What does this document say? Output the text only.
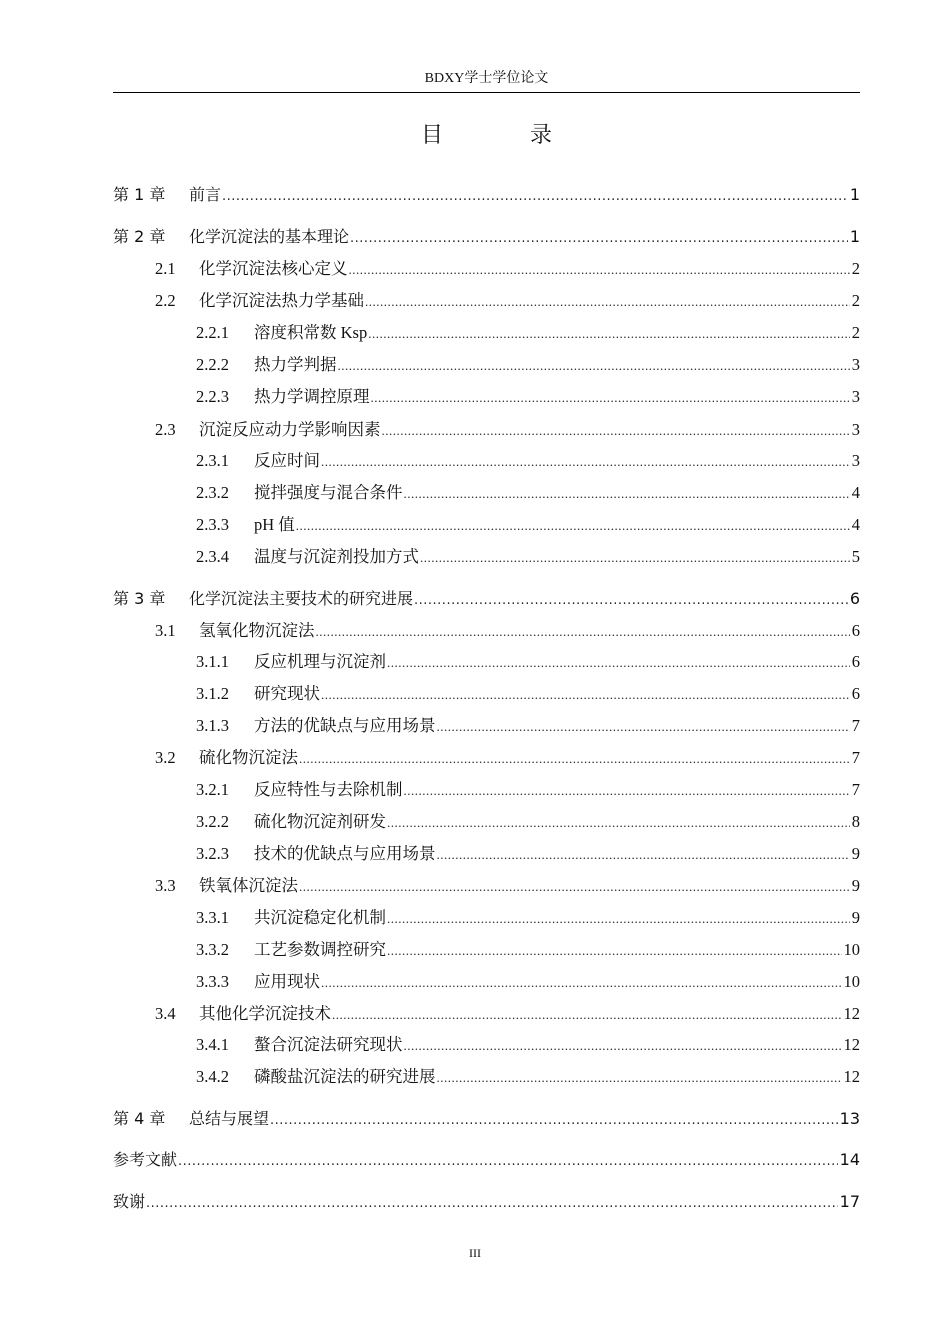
BDXY学士学位论文
目 录
第 1 章	前言 .....	1
第 2 章	化学沉淀法的基本理论 .....	1
2.1	化学沉淀法核心定义 .....	2
2.2	化学沉淀法热力学基础 .....	2
2.2.1	溶度积常数 Ksp .....	2
2.2.2	热力学判据 .....	3
2.2.3	热力学调控原理 .....	3
2.3	沉淀反应动力学影响因素 .....	3
2.3.1	反应时间 .....	3
2.3.2	搅拌强度与混合条件 .....	4
2.3.3	pH 值 .....	4
2.3.4	温度与沉淀剂投加方式 .....	5
第 3 章	化学沉淀法主要技术的研究进展 .....	6
3.1	氢氧化物沉淀法 .....	6
3.1.1	反应机理与沉淀剂 .....	6
3.1.2	研究现状 .....	6
3.1.3	方法的优缺点与应用场景 .....	7
3.2	硫化物沉淀法 .....	7
3.2.1	反应特性与去除机制 .....	7
3.2.2	硫化物沉淀剂研发 .....	8
3.2.3	技术的优缺点与应用场景 .....	9
3.3	铁氧体沉淀法 .....	9
3.3.1	共沉淀稳定化机制 .....	9
3.3.2	工艺参数调控研究 .....	10
3.3.3	应用现状 .....	10
3.4	其他化学沉淀技术 .....	12
3.4.1	螯合沉淀法研究现状 .....	12
3.4.2	磷酸盐沉淀法的研究进展 .....	12
第 4 章	总结与展望 .....	13
参考文献 .....	14
致谢 .....	17
III
